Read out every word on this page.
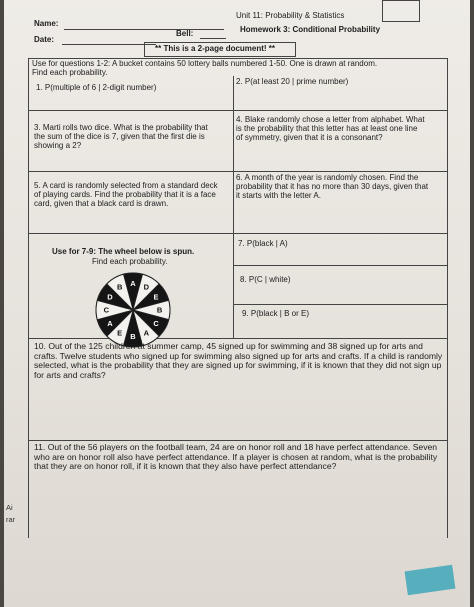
Name:
Date:
Bell:
Unit 11: Probability & Statistics
Homework 3: Conditional Probability
** This is a 2-page document! **
Use for questions 1-2: A bucket contains 50 lottery balls numbered 1-50. One is drawn at random. Find each probability.
1. P(multiple of 6 | 2-digit number)
2. P(at least 20 | prime number)
3. Marti rolls two dice. What is the probability that the sum of the dice is 7, given that the first die is showing a 2?
4. Blake randomly chose a letter from alphabet. What is the probability that this letter has at least one line of symmetry, given that it is a consonant?
5. A card is randomly selected from a standard deck of playing cards. Find the probability that it is a face card, given that a black card is drawn.
6. A month of the year is randomly chosen. Find the probability that it has no more than 30 days, given that it starts with the letter A.
Use for 7-9: The wheel below is spun.
Find each probability.
7. P(black | A)
8. P(C | white)
9. P(black | B or E)
A D
E
B
C
A
B
E
A
C
D
B
10. Out of the 125 children at summer camp, 45 signed up for swimming and 38 signed up for arts and crafts. Twelve students who signed up for swimming also signed up for arts and crafts. If a child is randomly selected, what is the probability that they are signed up for swimming, if it is known that they did not sign up for arts and crafts?
11. Out of the 56 players on the football team, 24 are on honor roll and 18 have perfect attendance. Seven who are on honor roll also have perfect attendance. If a player is chosen at random, what is the probability that they are on honor roll, if it is known that they also have perfect attendance?
Ai
rar
